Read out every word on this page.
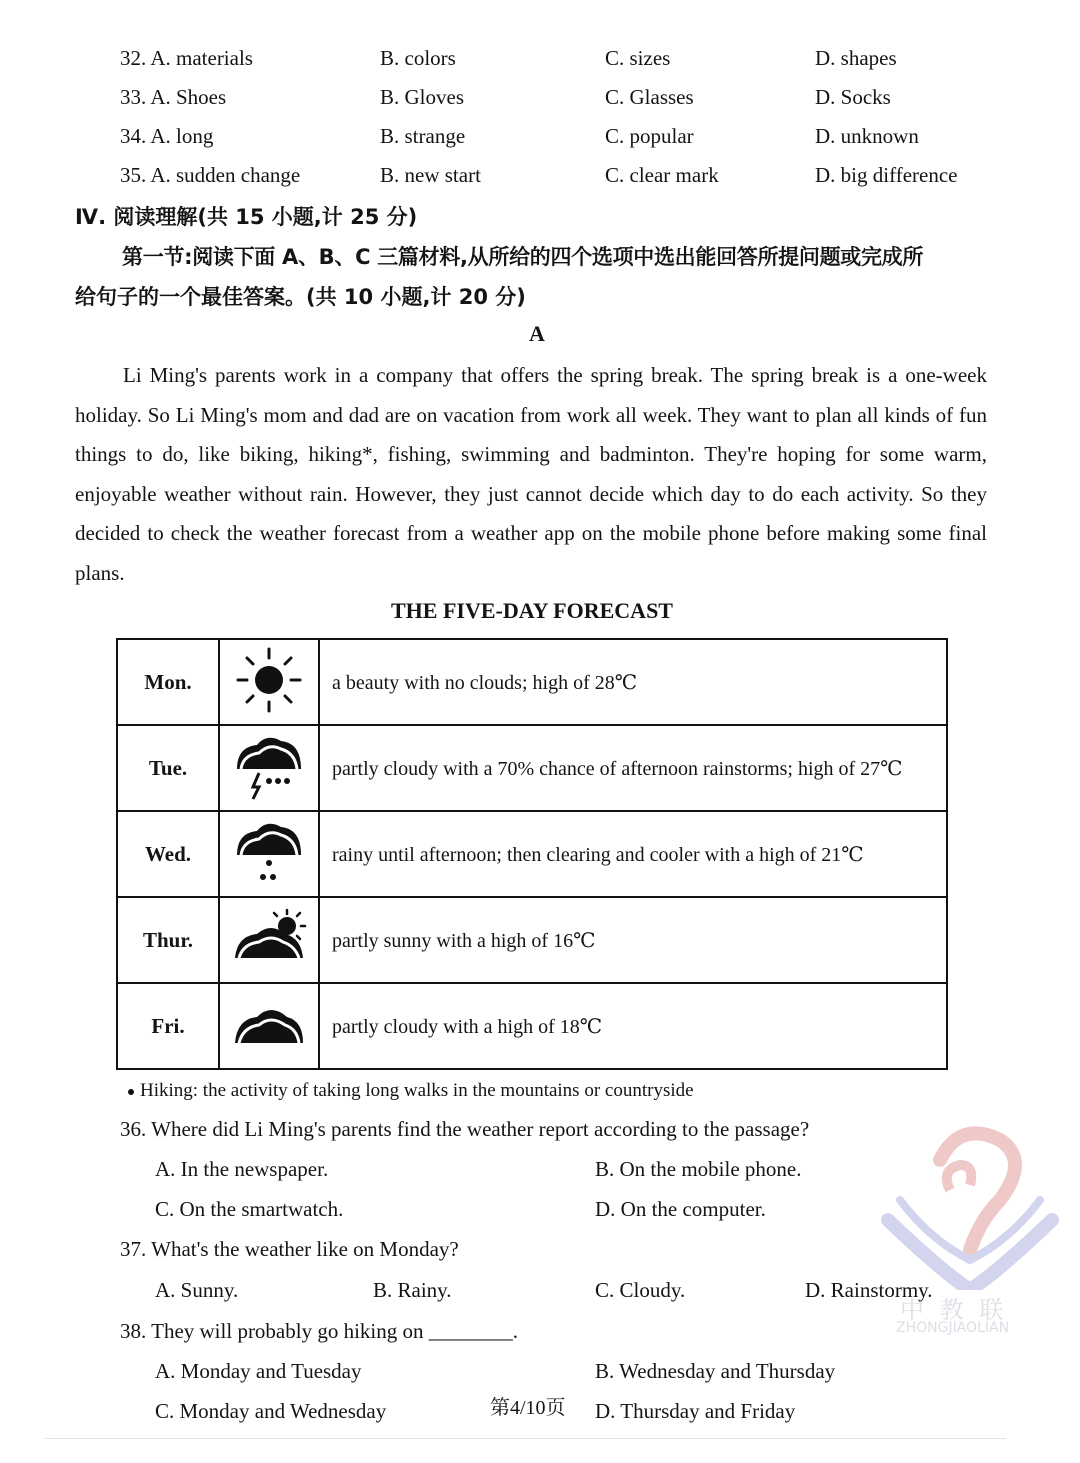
32. A. materials	B. colors	C. sizes	D. shapes
33. A. Shoes	B. Gloves	C. Glasses	D. Socks
34. A. long	B. strange	C. popular	D. unknown
35. A. sudden change	B. new start	C. clear mark	D. big difference
Ⅳ. 阅读理解(共 15 小题,计 25 分)
第一节:阅读下面 A、B、C 三篇材料,从所给的四个选项中选出能回答所提问题或完成所
给句子的一个最佳答案。(共 10 小题,计 20 分)
A
Li Ming's parents work in a company that offers the spring break. The spring break is a one-week holiday. So Li Ming's mom and dad are on vacation from work all week. They want to plan all kinds of fun things to do, like biking, hiking*, fishing, swimming and badminton. They're hoping for some warm, enjoyable weather without rain. However, they just cannot decide which day to do each activity. So they decided to check the weather forecast from a weather app on the mobile phone before making some final plans.
THE FIVE-DAY FORECAST
Mon.		a beauty with no clouds; high of 28℃
Tue.		partly cloudy with a 70% chance of afternoon rainstorms; high of 27℃
Wed.		rainy until afternoon; then clearing and cooler with a high of 21℃
Thur.		partly sunny with a high of 16℃
Fri.		partly cloudy with a high of 18℃
Hiking: the activity of taking long walks in the mountains or countryside
36. Where did Li Ming's parents find the weather report according to the passage?
A. In the newspaper.	B. On the mobile phone.
C. On the smartwatch.	D. On the computer.
37. What's the weather like on Monday?
A. Sunny.	B. Rainy.	C. Cloudy.	D. Rainstormy.
38. They will probably go hiking on ________.
A. Monday and Tuesday	B. Wednesday and Thursday
C. Monday and Wednesday	D. Thursday and Friday
第4/10页
中 教 联
ZHONGJIAOLIAN
